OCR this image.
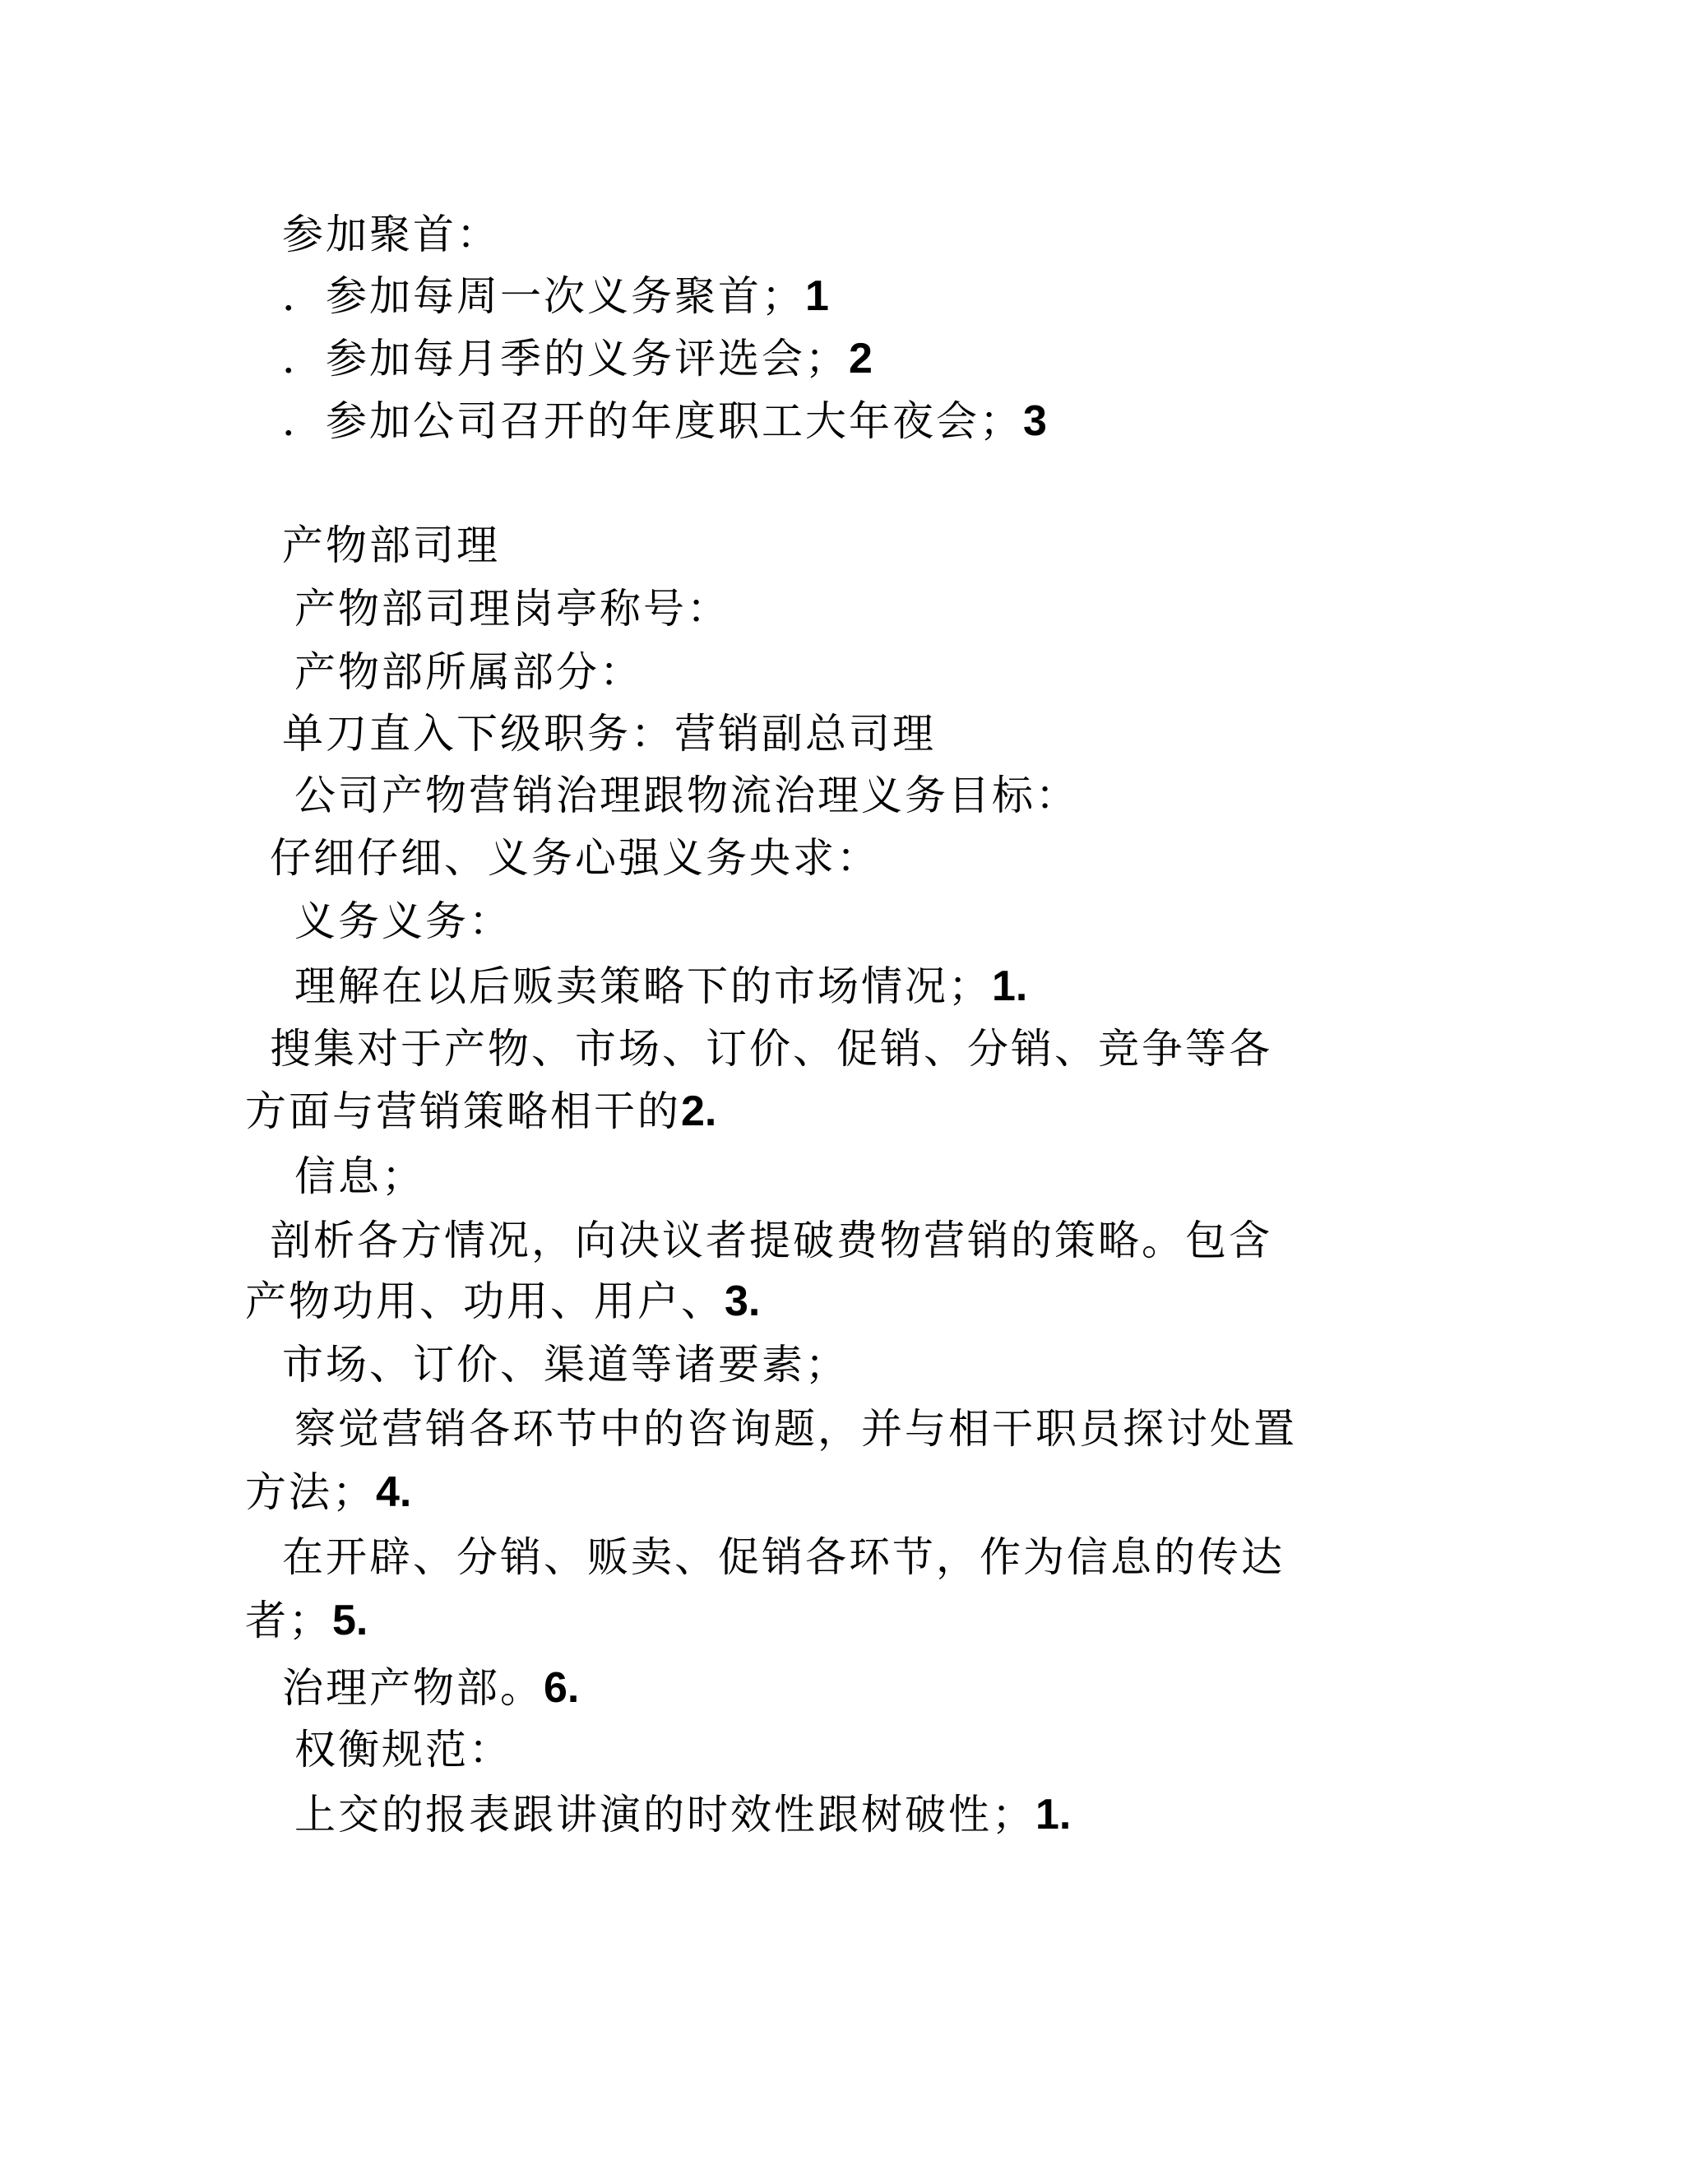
参加聚首：
．参加每周一次义务聚首；1
．参加每月季的义务评选会；2
．参加公司召开的年度职工大年夜会；3
产物部司理
产物部司理岗亭称号：
产物部所属部分：
单刀直入下级职务：营销副总司理
公司产物营销治理跟物流治理义务目标：
仔细仔细、义务心强义务央求：
义务义务：
理解在以后贩卖策略下的市场情况；1.
搜集对于产物、市场、订价、促销、分销、竞争等各
方面与营销策略相干的2.
信息；
剖析各方情况，向决议者提破费物营销的策略。包含
产物功用、功用、用户、3.
市场、订价、渠道等诸要素；
察觉营销各环节中的咨询题，并与相干职员探讨处置
方法；4.
在开辟、分销、贩卖、促销各环节，作为信息的传达
者；5.
治理产物部。6.
权衡规范：
上交的报表跟讲演的时效性跟树破性；1.
